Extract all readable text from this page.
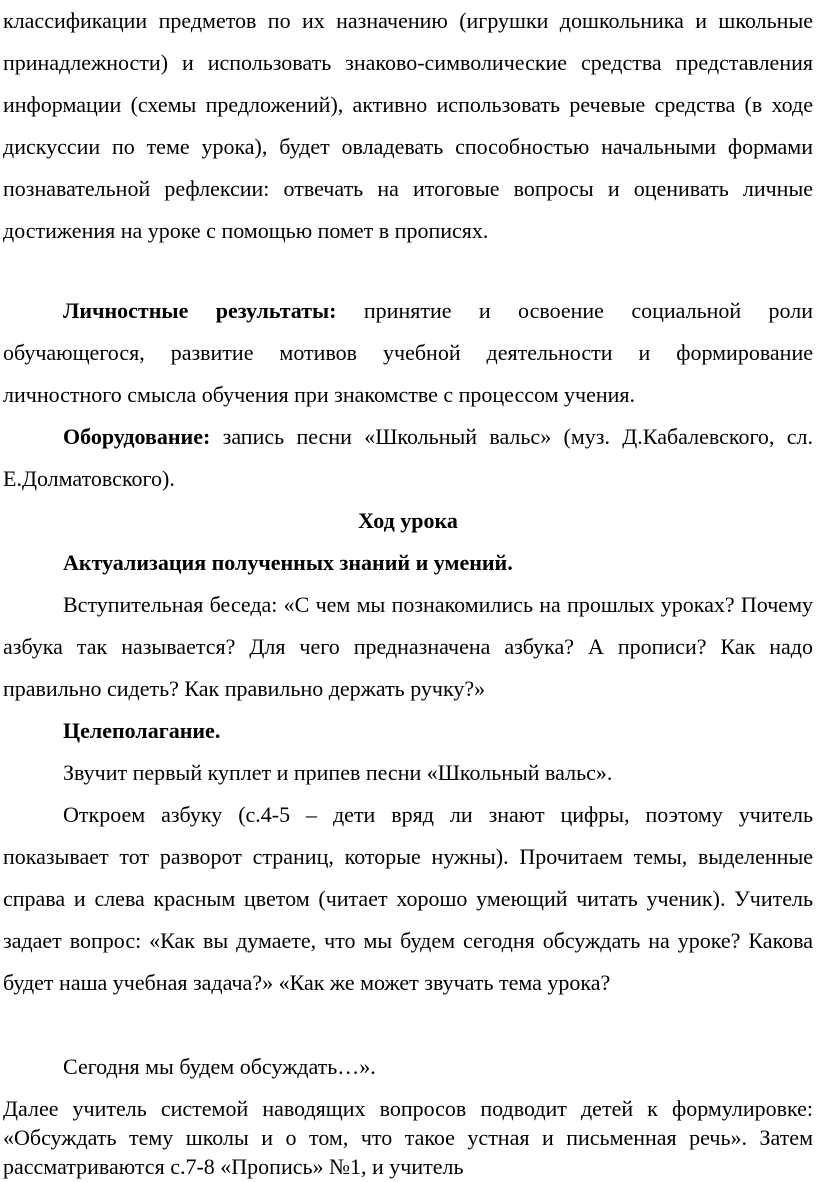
классификации предметов по их назначению (игрушки дошкольника и школьные принадлежности) и использовать знаково-символические средства представления информации (схемы предложений), активно использовать речевые средства (в ходе дискуссии по теме урока), будет овладевать способностью начальными формами познавательной рефлексии: отвечать на итоговые вопросы и оценивать личные достижения на уроке с помощью помет в прописях.

Личностные результаты: принятие и освоение социальной роли обучающегося, развитие мотивов учебной деятельности и формирование личностного смысла обучения при знакомстве с процессом учения.

Оборудование: запись песни «Школьный вальс» (муз. Д.Кабалевского, сл. Е.Долматовского).

Ход урока

Актуализация полученных знаний и умений.

Вступительная беседа: «С чем мы познакомились на прошлых уроках? Почему азбука так называется? Для чего предназначена азбука? А прописи? Как надо правильно сидеть? Как правильно держать ручку?»

Целеполагание.

Звучит первый куплет и припев песни «Школьный вальс».

Откроем азбуку (с.4-5 – дети вряд ли знают цифры, поэтому учитель показывает тот разворот страниц, которые нужны). Прочитаем темы, выделенные справа и слева красным цветом (читает хорошо умеющий читать ученик). Учитель задает вопрос: «Как вы думаете, что мы будем сегодня обсуждать на уроке? Какова будет наша учебная задача?» «Как же может звучать тема урока?

Сегодня мы будем обсуждать…».

Далее учитель системой наводящих вопросов подводит детей к формулировке: «Обсуждать тему школы и о том, что такое устная и письменная речь». Затем рассматриваются с.7-8 «Пропись» №1, и учитель
